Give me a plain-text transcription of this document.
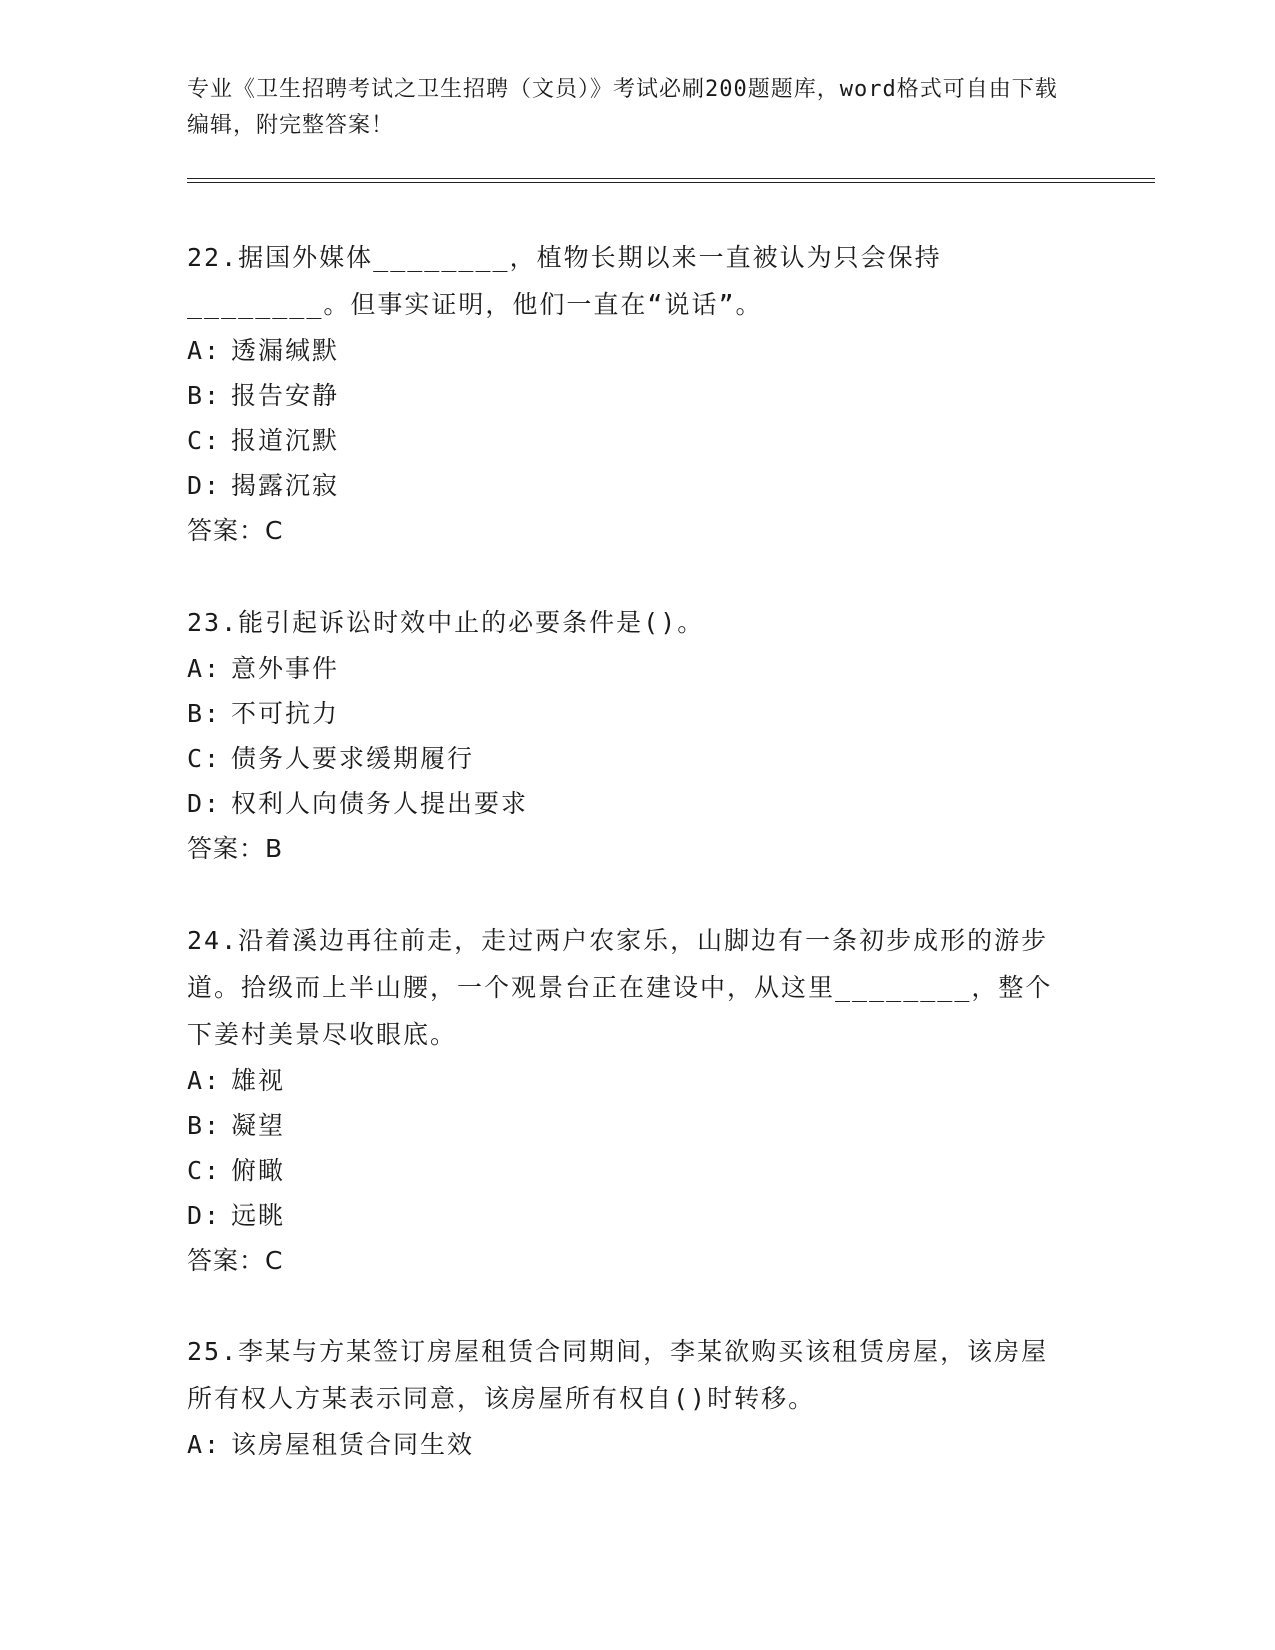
专业《卫生招聘考试之卫生招聘（文员）》考试必刷200题题库，word格式可自由下载编辑，附完整答案！

22.据国外媒体________，植物长期以来一直被认为只会保持________。但事实证明，他们一直在“说话”。

A: 透漏缄默

B: 报告安静

C: 报道沉默

D: 揭露沉寂

答案：C

23.能引起诉讼时效中止的必要条件是()。

A: 意外事件

B: 不可抗力

C: 债务人要求缓期履行

D: 权利人向债务人提出要求

答案：B

24.沿着溪边再往前走，走过两户农家乐，山脚边有一条初步成形的游步道。拾级而上半山腰，一个观景台正在建设中，从这里________，整个下姜村美景尽收眼底。

A: 雄视

B: 凝望

C: 俯瞰

D: 远眺

答案：C

25.李某与方某签订房屋租赁合同期间，李某欲购买该租赁房屋，该房屋所有权人方某表示同意，该房屋所有权自()时转移。

A: 该房屋租赁合同生效
